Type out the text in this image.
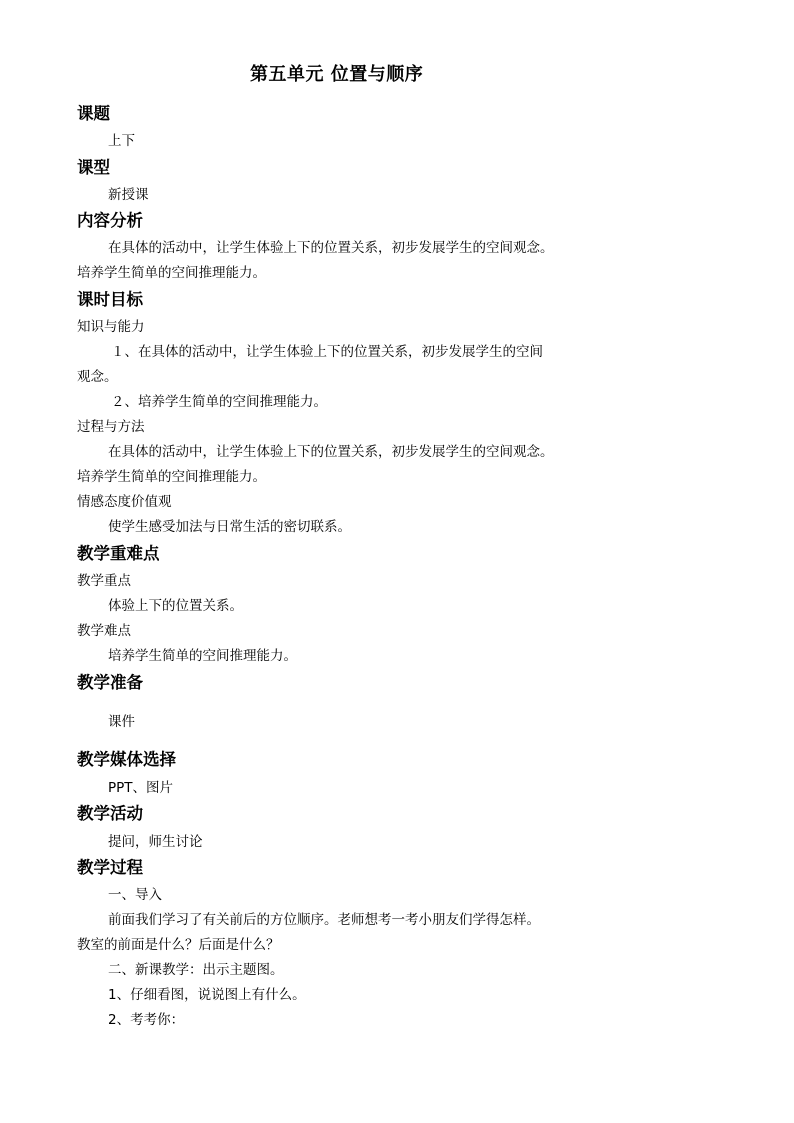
第五单元 位置与顺序
课题
上下
课型
新授课
内容分析
在具体的活动中，让学生体验上下的位置关系，初步发展学生的空间观念。
培养学生简单的空间推理能力。
课时目标
知识与能力
１、在具体的活动中，让学生体验上下的位置关系，初步发展学生的空间
观念。
２、培养学生简单的空间推理能力。
过程与方法
在具体的活动中，让学生体验上下的位置关系，初步发展学生的空间观念。
培养学生简单的空间推理能力。
情感态度价值观
使学生感受加法与日常生活的密切联系。
教学重难点
教学重点
体验上下的位置关系。
教学难点
培养学生简单的空间推理能力。
教学准备
课件
教学媒体选择
PPT、图片
教学活动
提问，师生讨论
教学过程
一、导入
前面我们学习了有关前后的方位顺序。老师想考一考小朋友们学得怎样。
教室的前面是什么？后面是什么？
二、新课教学：出示主题图。
1、仔细看图，说说图上有什么。
2、考考你：
